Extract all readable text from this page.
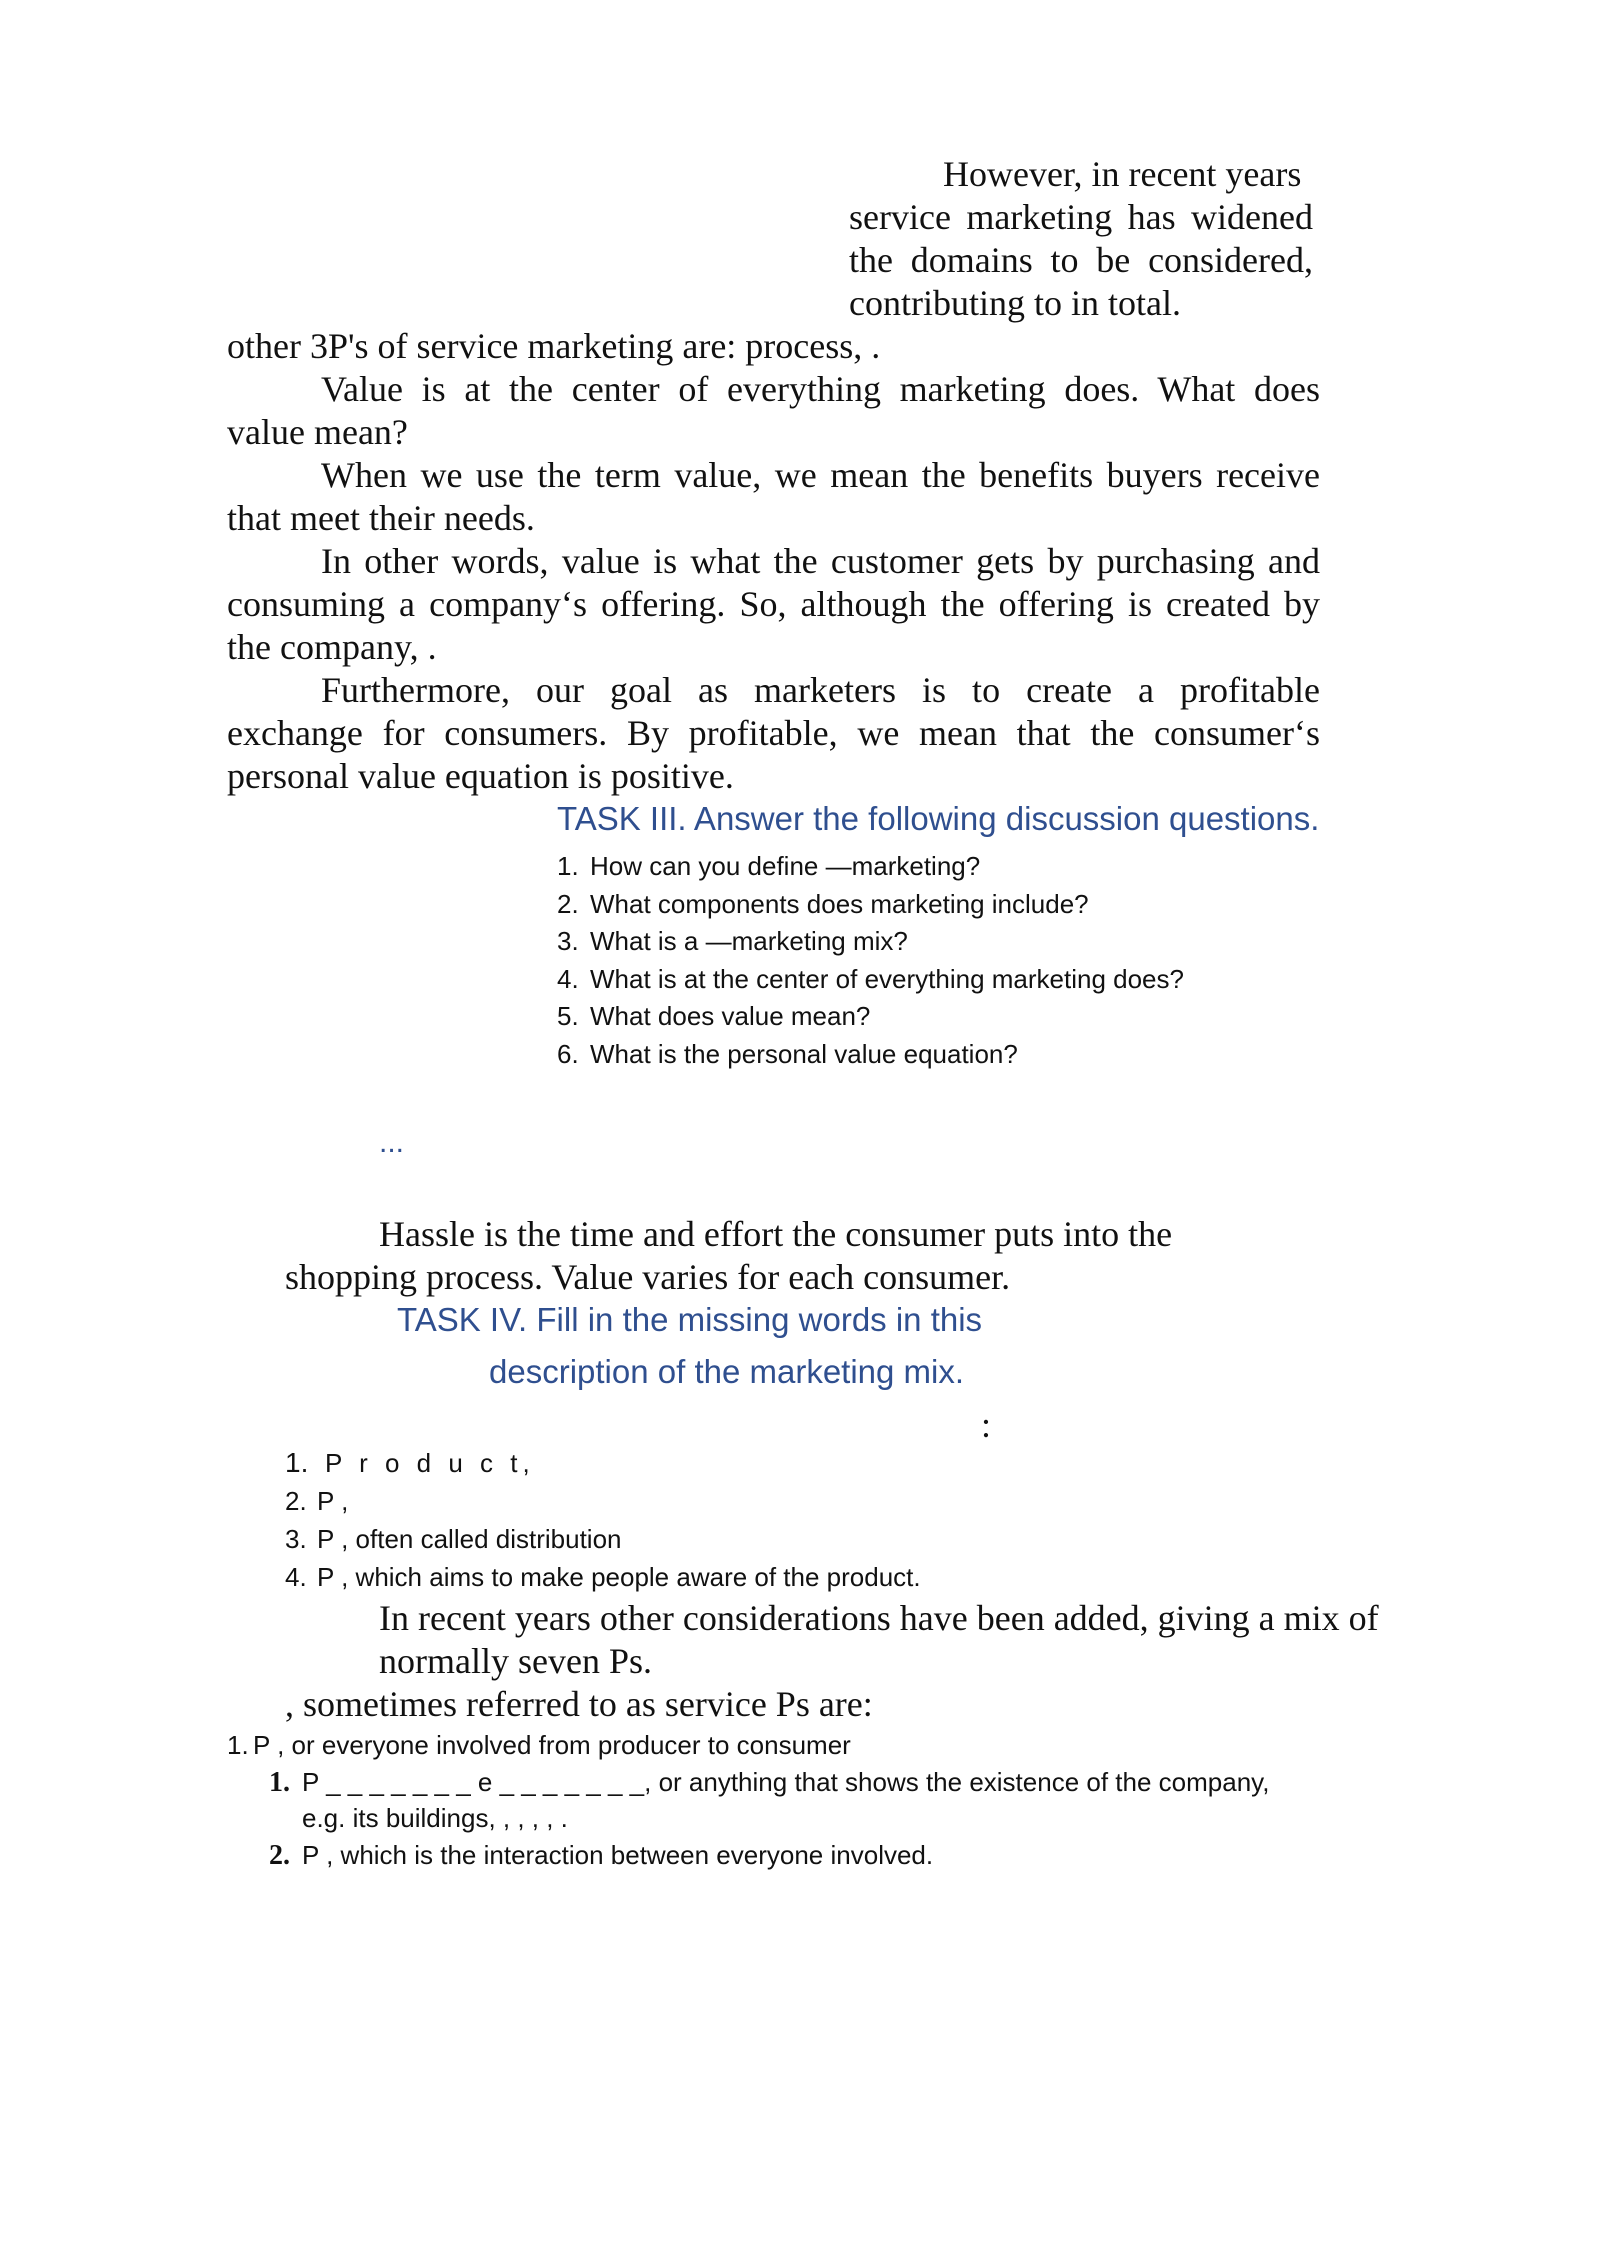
However, in recent years
service marketing has widened
the domains to be considered,
contributing to in total.
other 3P's of service marketing are: process, .
Value is at the center of everything marketing does. What does
value mean?
When we use the term value, we mean the benefits buyers receive
that meet their needs.
In other words, value is what the customer gets by purchasing and
consuming a company‘s offering. So, although the offering is created by
the company, .
Furthermore, our goal as marketers is to create a profitable
exchange for consumers. By profitable, we mean that the consumer‘s
personal value equation is positive.
TASK III. Answer the following discussion questions.
1. How can you define ―marketing?
2. What components does marketing include?
3. What is a ―marketing mix?
4. What is at the center of everything marketing does?
5. What does value mean?
6. What is the personal value equation?
...
Hassle is the time and effort the consumer puts into the
shopping process. Value varies for each consumer.
TASK IV. Fill in the missing words in this
description of the marketing mix.
:
1. P r o d u c t,
2. P ,
3. P , often called distribution
4. P , which aims to make people aware of the product.
In recent years other considerations have been added, giving a mix of
normally seven Ps.
, sometimes referred to as service Ps are:
1. P , or everyone involved from producer to consumer
1. P _ _ _ _ _ _ _ e _ _ _ _ _ _ _, or anything that shows the existence of the company,
e.g. its buildings, , , , , .
2. P , which is the interaction between everyone involved.
